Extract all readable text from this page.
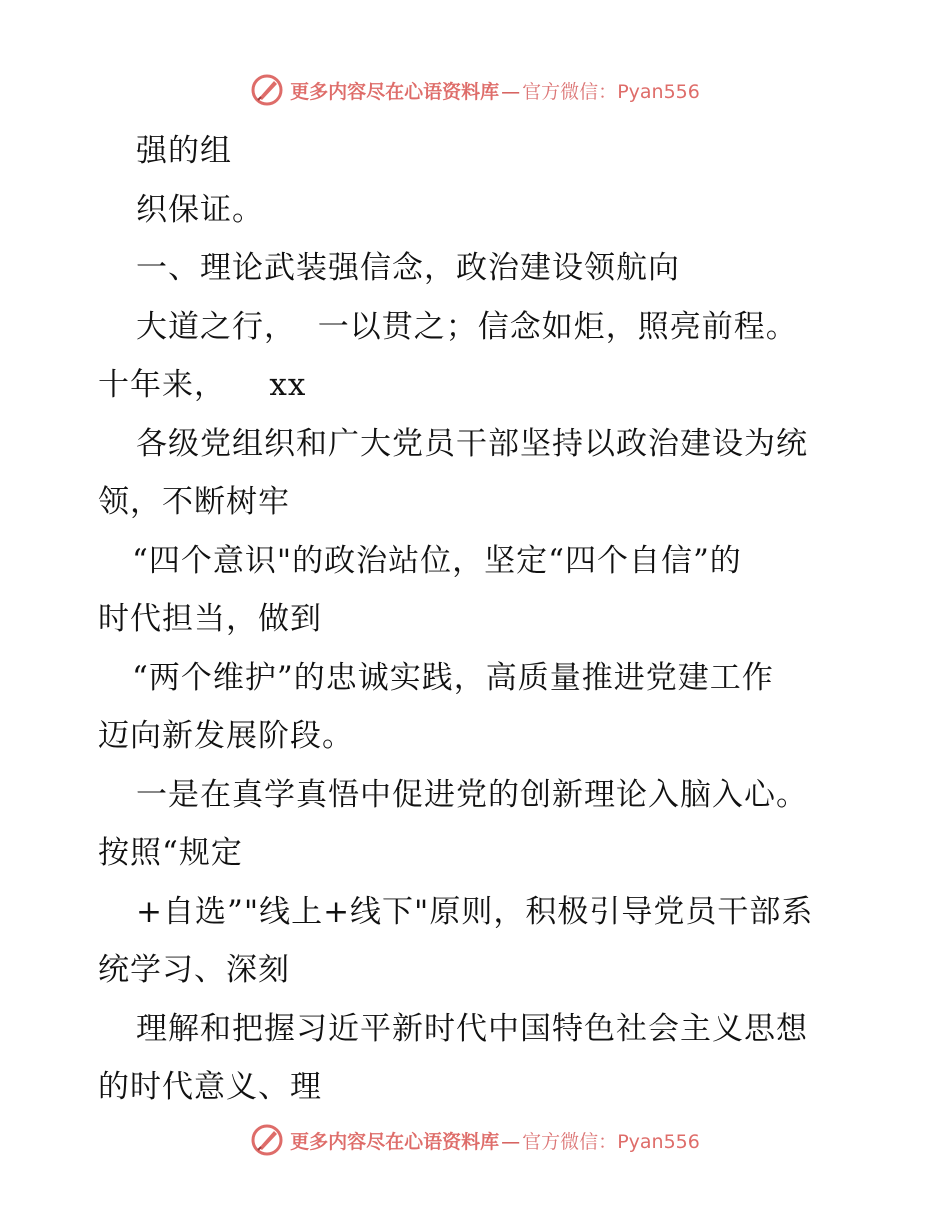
更多内容尽在心语资料库 — 官方微信：Pyan556
强的组
织保证。
一、理论武装强信念，政治建设领航向
大道之行，  一以贯之；信念如炬，照亮前程。
十年来，    xx
各级党组织和广大党员干部坚持以政治建设为统
领，不断树牢
“四个意识"的政治站位，坚定“四个自信”的
时代担当，做到
“两个维护”的忠诚实践，高质量推进党建工作
迈向新发展阶段。
一是在真学真悟中促进党的创新理论入脑入心。
按照“规定
+自选”"线上+线下"原则，积极引导党员干部系
统学习、深刻
理解和把握习近平新时代中国特色社会主义思想
的时代意义、理
更多内容尽在心语资料库 — 官方微信：Pyan556
